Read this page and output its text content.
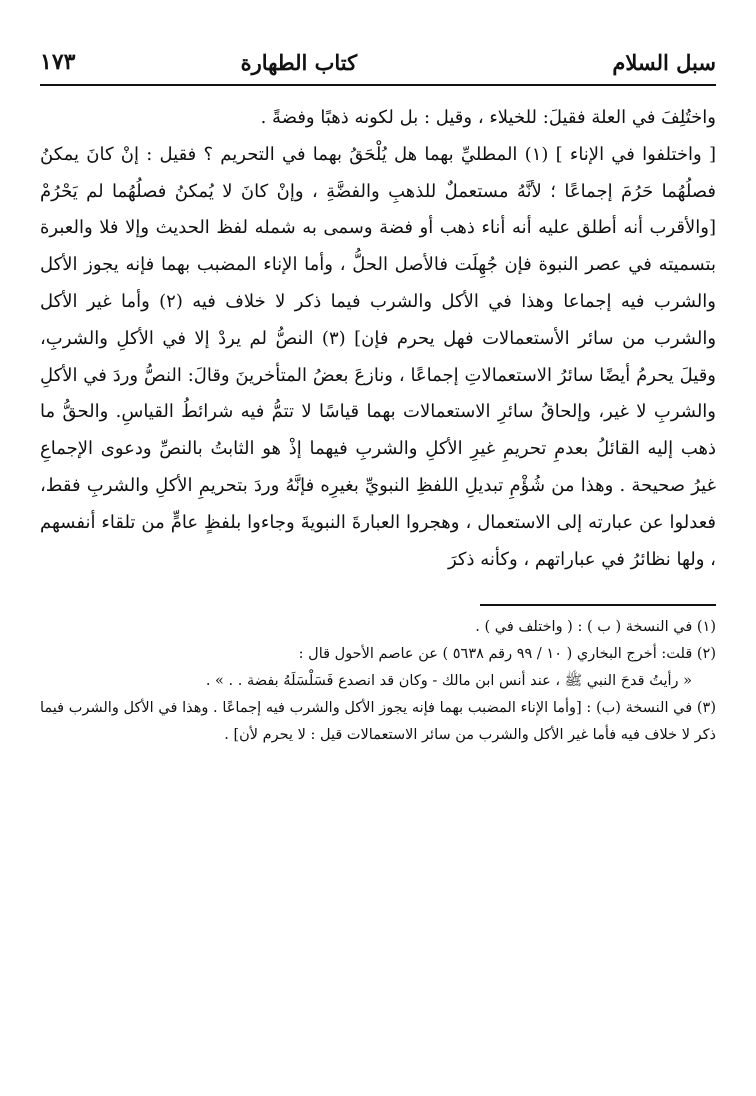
سبل السلام
كتاب الطهارة
١٧٣

واختُلِفَ في العلة فقيلَ: للخيلاء ، وقيل : بل لكونه ذهبًا وفضةً .

[ واختلفوا في الإناء ] (١) المطليِّ بهما هل يُلْحَقُ بهما في التحريم ؟ فقيل : إنْ كانَ يمكنُ فصلُهُما حَرُمَ إجماعًا ؛ لأنَّهُ مستعملٌ للذهبِ والفضَّةِ ، وإنْ كانَ لا يُمكنُ فصلُهُما لم يَحْرُمْ [والأقرب أنه أطلق عليه أنه أناء ذهب أو فضة وسمى به شمله لفظ الحديث وإلا فلا والعبرة بتسميته في عصر النبوة فإن جُهِلَت فالأصل الحلُّ ، وأما الإناء المضبب بهما فإنه يجوز الأكل والشرب فيه إجماعا وهذا في الأكل والشرب فيما ذكر لا خلاف فيه (٢) وأما غير الأكل والشرب من سائر الأستعمالات فهل يحرم فإن] (٣) النصُّ لم يردْ إلا في الأكلِ والشربِ، وقيلَ يحرمُ أيضًا سائرُ الاستعمالاتِ إجماعًا ، ونازعَ بعضُ المتأخرينَ وقالَ: النصُّ وردَ في الأكلِ والشربِ لا غير، وإلحاقُ سائرِ الاستعمالات بهما قياسًا لا تتمُّ فيه شرائطُ القياسِ. والحقُّ ما ذهب إليه القائلُ بعدمِ تحريمِ غيرِ الأكلِ والشربِ فيهما إذْ هو الثابتُ بالنصِّ ودعوى الإجماعِ غيرُ صحيحة . وهذا من شُؤْمِ تبديلِ اللفظِ النبويِّ بغيرِه فإنَّهُ وردَ بتحريمِ الأكلِ والشربِ فقط، فعدلوا عن عبارته إلى الاستعمال ، وهجروا العبارةَ النبويةَ وجاءوا بلفظٍ عامٍّ من تلقاء أنفسهم ، ولها نظائرُ في عباراتهم ، وكأنه ذكرَ

(١) في النسخة ( ب ) : ( واختلف في ) .

(٢) قلت: أخرج البخاري ( ١٠ / ٩٩ رقم ٥٦٣٨ ) عن عاصم الأحول قال :

« رأيتُ قدحَ النبي ﷺ ، عند أنس ابن مالك - وكان قد انصدع فَسَلْسَلَهُ بفضة . . » .

(٣) في النسخة (ب) : [وأما الإناء المضبب بهما فإنه يجوز الأكل والشرب فيه إجماعًا . وهذا في الأكل والشرب فيما ذكر لا خلاف فيه فأما غير الأكل والشرب من سائر الاستعمالات قيل : لا يحرم لأن] .
